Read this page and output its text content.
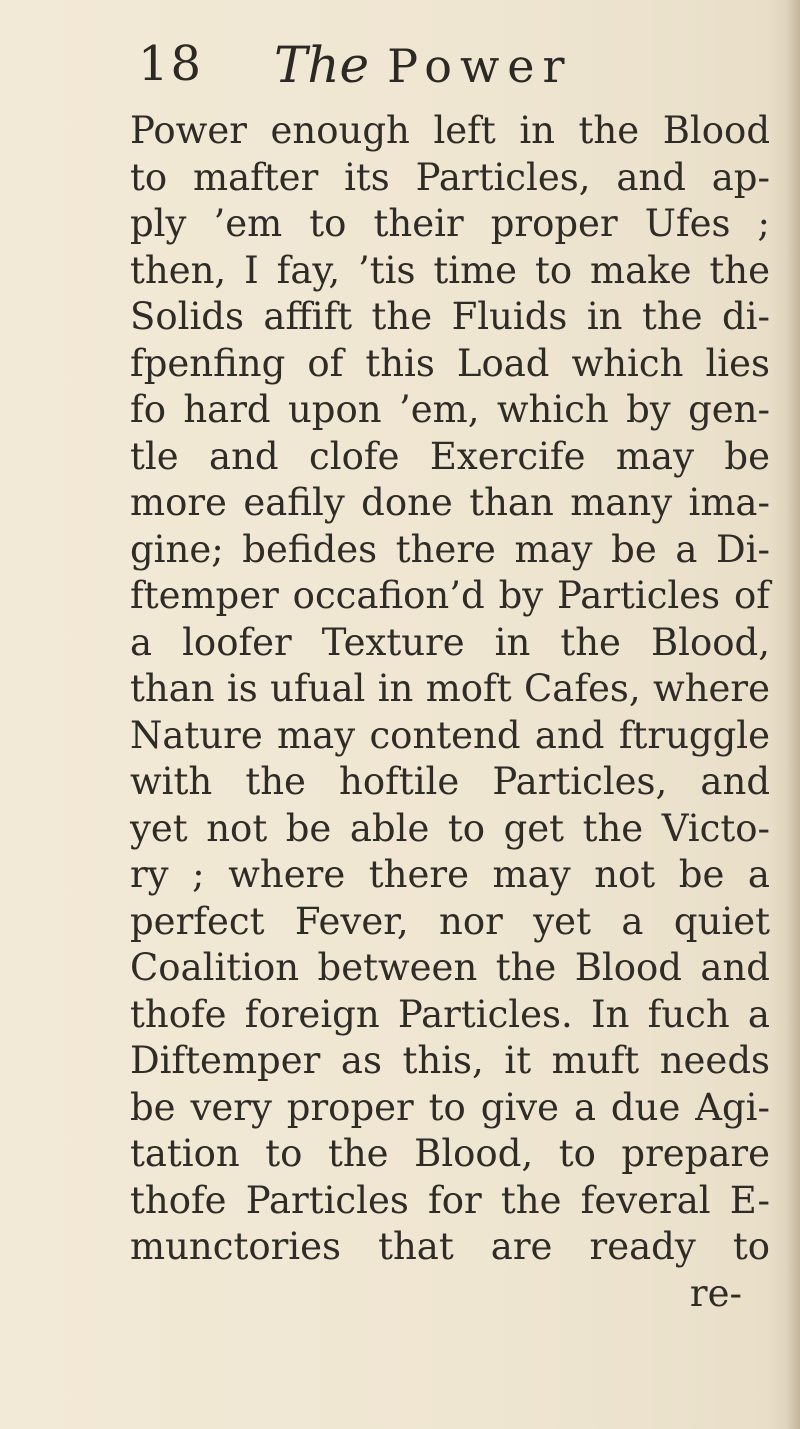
18 The Power
Power enough left in the Blood
to mafter its Particles, and ap-
ply ’em to their proper Ufes ;
then, I fay, ’tis time to make the
Solids affift the Fluids in the di-
fpenfing of this Load which lies
fo hard upon ’em, which by gen-
tle and clofe Exercife may be
more eafily done than many ima-
gine; befides there may be a Di-
ftemper occafion’d by Particles of
a loofer Texture in the Blood,
than is ufual in moft Cafes, where
Nature may contend and ftruggle
with the hoftile Particles, and
yet not be able to get the Victo-
ry ; where there may not be a
perfect Fever, nor yet a quiet
Coalition between the Blood and
thofe foreign Particles. In fuch a
Diftemper as this, it muft needs
be very proper to give a due Agi-
tation to the Blood, to prepare
thofe Particles for the feveral E-
munctories that are ready to
re-
